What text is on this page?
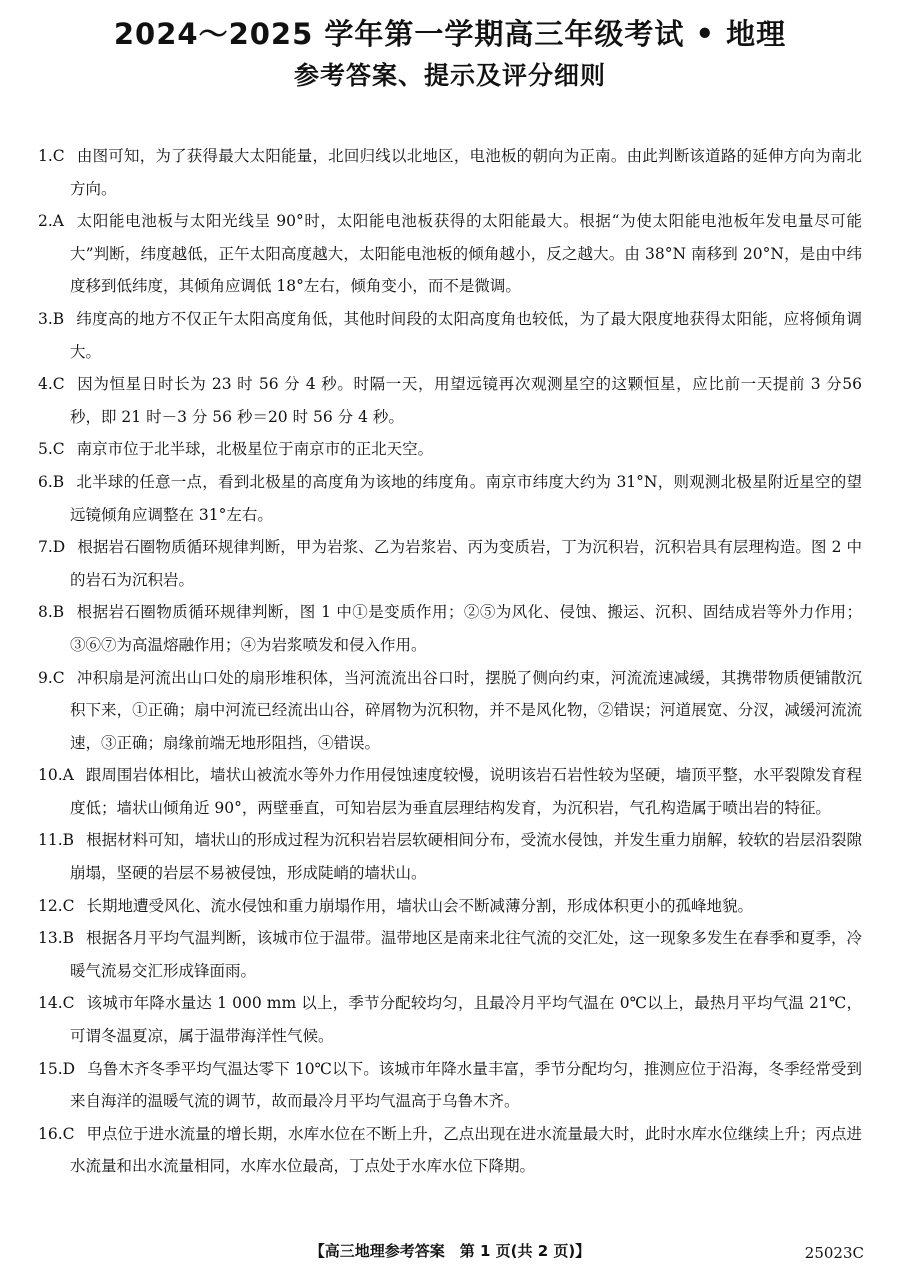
2024～2025 学年第一学期高三年级考试 • 地理
参考答案、提示及评分细则
1.C 由图可知，为了获得最大太阳能量，北回归线以北地区，电池板的朝向为正南。由此判断该道路的延伸方向为南北方向。
2.A 太阳能电池板与太阳光线呈 90°时，太阳能电池板获得的太阳能最大。根据“为使太阳能电池板年发电量尽可能大”判断，纬度越低，正午太阳高度越大，太阳能电池板的倾角越小，反之越大。由 38°N 南移到 20°N，是由中纬度移到低纬度，其倾角应调低 18°左右，倾角变小，而不是微调。
3.B 纬度高的地方不仅正午太阳高度角低，其他时间段的太阳高度角也较低，为了最大限度地获得太阳能，应将倾角调大。
4.C 因为恒星日时长为 23 时 56 分 4 秒。时隔一天，用望远镜再次观测星空的这颗恒星，应比前一天提前 3 分56 秒，即 21 时－3 分 56 秒＝20 时 56 分 4 秒。
5.C 南京市位于北半球，北极星位于南京市的正北天空。
6.B 北半球的任意一点，看到北极星的高度角为该地的纬度角。南京市纬度大约为 31°N，则观测北极星附近星空的望远镜倾角应调整在 31°左右。
7.D 根据岩石圈物质循环规律判断，甲为岩浆、乙为岩浆岩、丙为变质岩，丁为沉积岩，沉积岩具有层理构造。图 2 中的岩石为沉积岩。
8.B 根据岩石圈物质循环规律判断，图 1 中①是变质作用；②⑤为风化、侵蚀、搬运、沉积、固结成岩等外力作用；③⑥⑦为高温熔融作用；④为岩浆喷发和侵入作用。
9.C 冲积扇是河流出山口处的扇形堆积体，当河流流出谷口时，摆脱了侧向约束，河流流速减缓，其携带物质便铺散沉积下来，①正确；扇中河流已经流出山谷，碎屑物为沉积物，并不是风化物，②错误；河道展宽、分汊，减缓河流流速，③正确；扇缘前端无地形阻挡，④错误。
10.A 跟周围岩体相比，墙状山被流水等外力作用侵蚀速度较慢，说明该岩石岩性较为坚硬，墙顶平整，水平裂隙发育程度低；墙状山倾角近 90°，两壁垂直，可知岩层为垂直层理结构发育，为沉积岩，气孔构造属于喷出岩的特征。
11.B 根据材料可知，墙状山的形成过程为沉积岩岩层软硬相间分布，受流水侵蚀，并发生重力崩解，较软的岩层沿裂隙崩塌，坚硬的岩层不易被侵蚀，形成陡峭的墙状山。
12.C 长期地遭受风化、流水侵蚀和重力崩塌作用，墙状山会不断减薄分割，形成体积更小的孤峰地貌。
13.B 根据各月平均气温判断，该城市位于温带。温带地区是南来北往气流的交汇处，这一现象多发生在春季和夏季，冷暖气流易交汇形成锋面雨。
14.C 该城市年降水量达 1 000 mm 以上，季节分配较均匀，且最冷月平均气温在 0℃以上，最热月平均气温 21℃，可谓冬温夏凉，属于温带海洋性气候。
15.D 乌鲁木齐冬季平均气温达零下 10℃以下。该城市年降水量丰富，季节分配均匀，推测应位于沿海，冬季经常受到来自海洋的温暖气流的调节，故而最冷月平均气温高于乌鲁木齐。
16.C 甲点位于进水流量的增长期，水库水位在不断上升，乙点出现在进水流量最大时，此时水库水位继续上升；丙点进水流量和出水流量相同，水库水位最高，丁点处于水库水位下降期。
【高三地理参考答案　第 1 页(共 2 页)】	25023C
